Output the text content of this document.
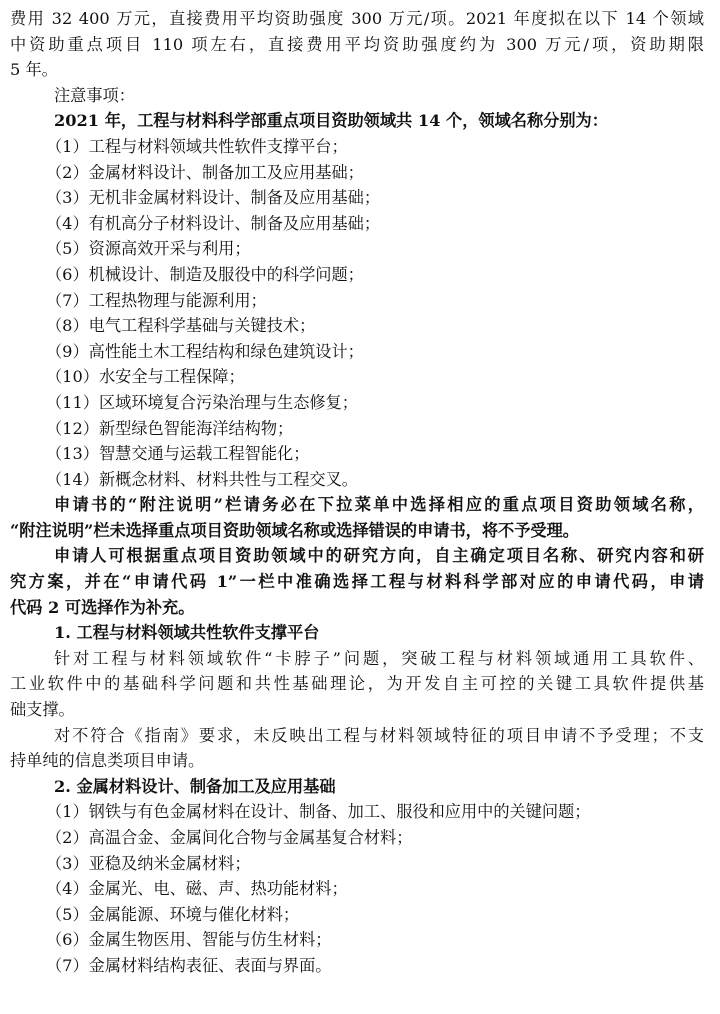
费用 32 400 万元，直接费用平均资助强度 300 万元/项。2021 年度拟在以下 14 个领域
中资助重点项目 110 项左右，直接费用平均资助强度约为 300 万元/项，资助期限
5 年。
注意事项：
2021 年，工程与材料科学部重点项目资助领域共 14 个，领域名称分别为：
（1）工程与材料领域共性软件支撑平台；
（2）金属材料设计、制备加工及应用基础；
（3）无机非金属材料设计、制备及应用基础；
（4）有机高分子材料设计、制备及应用基础；
（5）资源高效开采与利用；
（6）机械设计、制造及服役中的科学问题；
（7）工程热物理与能源利用；
（8）电气工程科学基础与关键技术；
（9）高性能土木工程结构和绿色建筑设计；
（10）水安全与工程保障；
（11）区域环境复合污染治理与生态修复；
（12）新型绿色智能海洋结构物；
（13）智慧交通与运载工程智能化；
（14）新概念材料、材料共性与工程交叉。
申请书的“附注说明”栏请务必在下拉菜单中选择相应的重点项目资助领域名称，
“附注说明”栏未选择重点项目资助领域名称或选择错误的申请书，将不予受理。
申请人可根据重点项目资助领域中的研究方向，自主确定项目名称、研究内容和研
究方案，并在“申请代码 1”一栏中准确选择工程与材料科学部对应的申请代码，申请
代码 2 可选择作为补充。
1. 工程与材料领域共性软件支撑平台
针对工程与材料领域软件“卡脖子”问题，突破工程与材料领域通用工具软件、
工业软件中的基础科学问题和共性基础理论，为开发自主可控的关键工具软件提供基
础支撑。
对不符合《指南》要求，未反映出工程与材料领域特征的项目申请不予受理；不支
持单纯的信息类项目申请。
2. 金属材料设计、制备加工及应用基础
（1）钢铁与有色金属材料在设计、制备、加工、服役和应用中的关键问题；
（2）高温合金、金属间化合物与金属基复合材料；
（3）亚稳及纳米金属材料；
（4）金属光、电、磁、声、热功能材料；
（5）金属能源、环境与催化材料；
（6）金属生物医用、智能与仿生材料；
（7）金属材料结构表征、表面与界面。
